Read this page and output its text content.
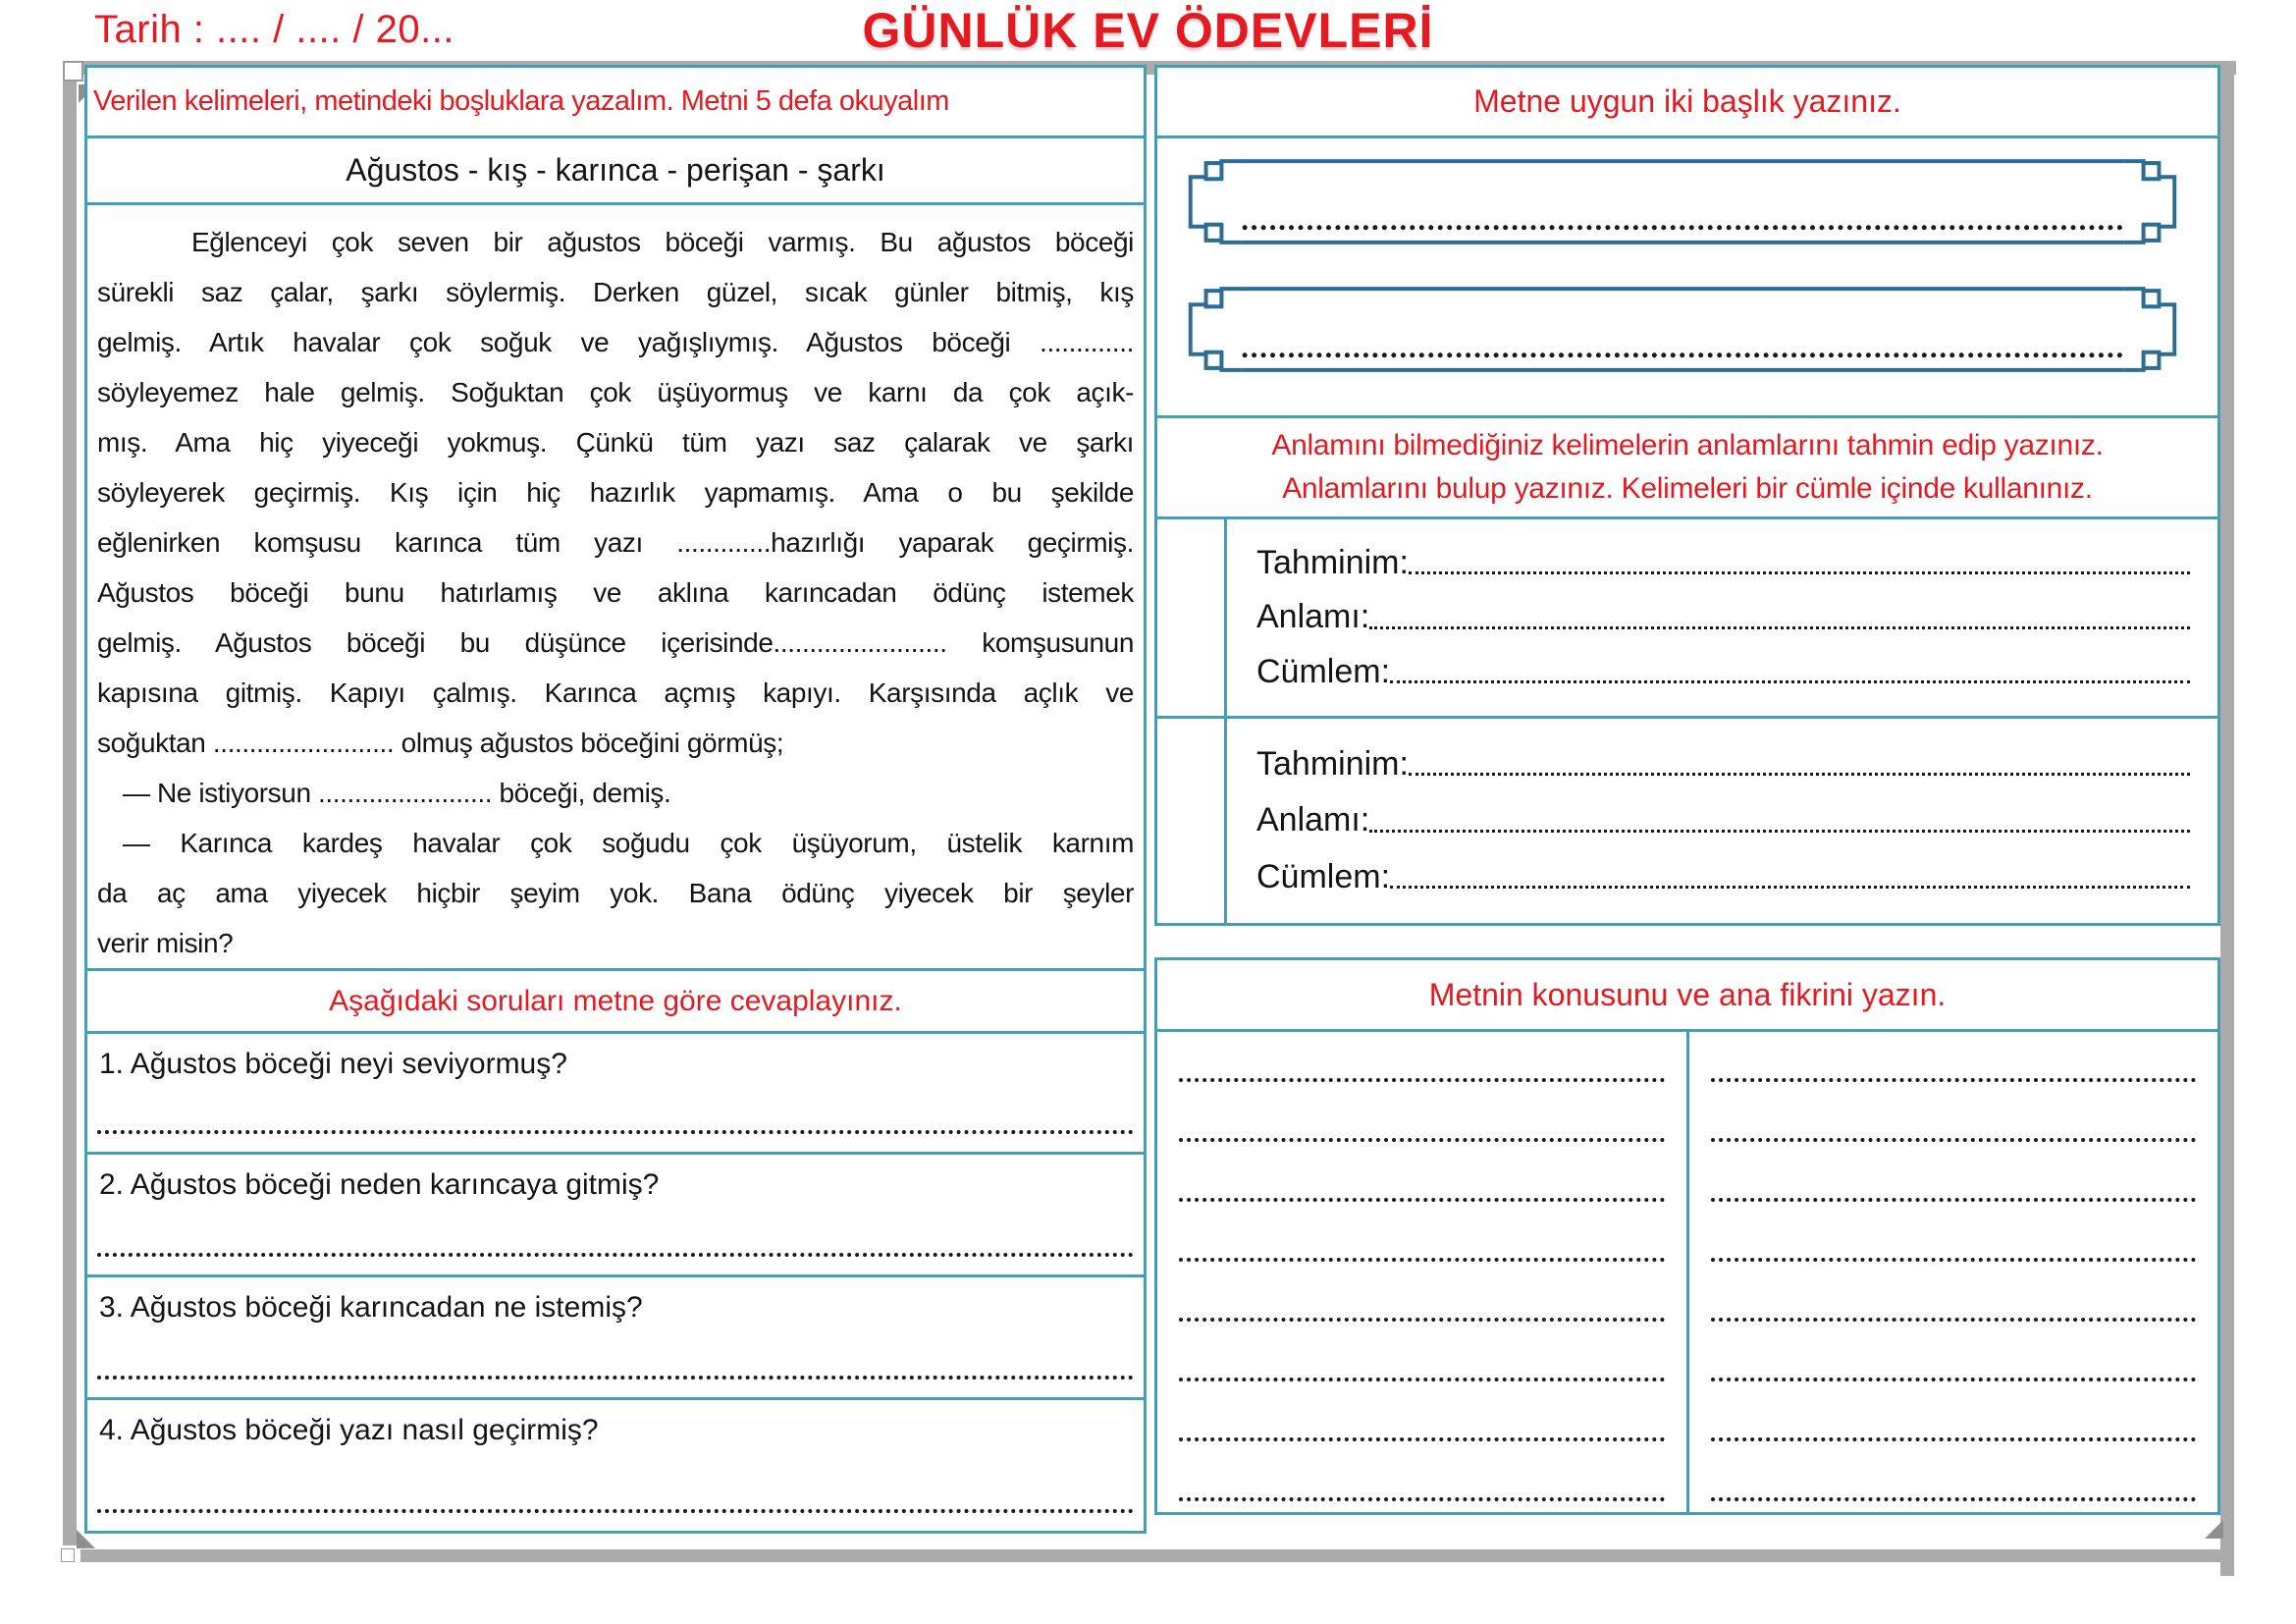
Tarih : .... / .... / 20...	GÜNLÜK EV ÖDEVLERİ
Verilen kelimeleri, metindeki boşluklara yazalım. Metni 5 defa okuyalım
Ağustos - kış - karınca - perişan - şarkı
Eğlenceyi çok seven bir ağustos böceği varmış. Bu ağustos böceği
sürekli saz çalar, şarkı söylermiş. Derken güzel, sıcak günler bitmiş, kış
gelmiş. Artık havalar çok soğuk ve yağışlıymış. Ağustos böceği .............
söyleyemez hale gelmiş. Soğuktan çok üşüyormuş ve karnı da çok açık-
mış. Ama hiç yiyeceği yokmuş. Çünkü tüm yazı saz çalarak ve şarkı
söyleyerek geçirmiş. Kış için hiç hazırlık yapmamış. Ama o bu şekilde
eğlenirken komşusu karınca tüm yazı .............hazırlığı yaparak geçirmiş.
Ağustos böceği bunu hatırlamış ve aklına karıncadan ödünç istemek
gelmiş. Ağustos böceği bu düşünce içerisinde........................ komşusunun
kapısına gitmiş. Kapıyı çalmış. Karınca açmış kapıyı. Karşısında açlık ve
soğuktan ......................... olmuş ağustos böceğini görmüş;
— Ne istiyorsun ........................ böceği, demiş.
— Karınca kardeş havalar çok soğudu çok üşüyorum, üstelik karnım
da aç ama yiyecek hiçbir şeyim yok. Bana ödünç yiyecek bir şeyler
verir misin?
Aşağıdaki soruları metne göre cevaplayınız.
1. Ağustos böceği neyi seviyormuş?
2. Ağustos böceği neden karıncaya gitmiş?
3. Ağustos böceği karıncadan ne istemiş?
4. Ağustos böceği yazı nasıl geçirmiş?
Metne uygun iki başlık yazınız.
Anlamını bilmediğiniz kelimelerin anlamlarını tahmin edip yazınız.
Anlamlarını bulup yazınız. Kelimeleri bir cümle içinde kullanınız.
Tahminim:
Anlamı:
Cümlem:
Tahminim:
Anlamı:
Cümlem:
Metnin konusunu ve ana fikrini yazın.
